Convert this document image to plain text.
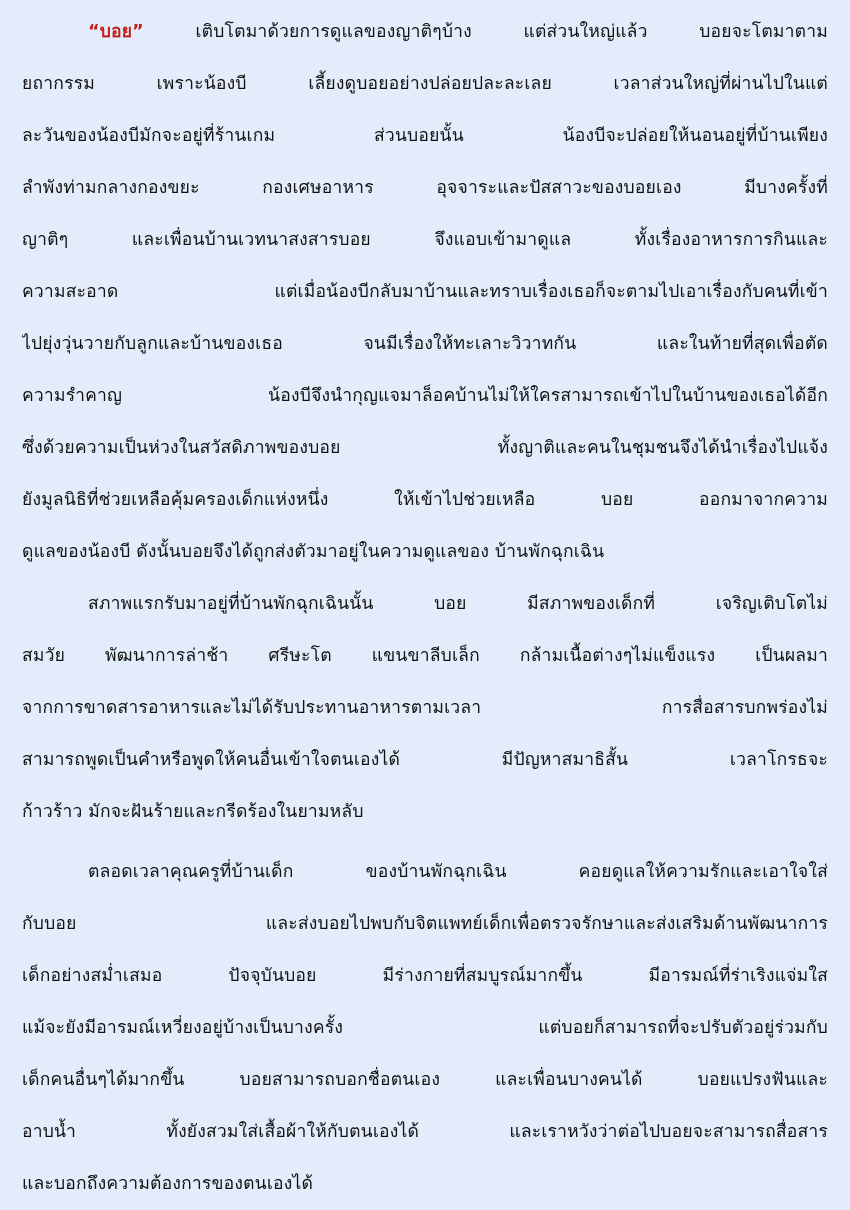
“บอย” เติบโตมาด้วยการดูแลของญาติๆบ้าง แต่ส่วนใหญ่แล้ว บอยจะโตมาตาม
ยถากรรม เพราะน้องบี เลี้ยงดูบอยอย่างปล่อยปละละเลย เวลาส่วนใหญ่ที่ผ่านไปในแต่
ละวันของน้องบีมักจะอยู่ที่ร้านเกม ส่วนบอยนั้น น้องบีจะปล่อยให้นอนอยู่ที่บ้านเพียง
ลำพังท่ามกลางกองขยะ กองเศษอาหาร อุจจาระและปัสสาวะของบอยเอง มีบางครั้งที่
ญาติๆ และเพื่อนบ้านเวทนาสงสารบอย จึงแอบเข้ามาดูแล ทั้งเรื่องอาหารการกินและ
ความสะอาด แต่เมื่อน้องบีกลับมาบ้านและทราบเรื่องเธอก็จะตามไปเอาเรื่องกับคนที่เข้า
ไปยุ่งวุ่นวายกับลูกและบ้านของเธอ จนมีเรื่องให้ทะเลาะวิวาทกัน และในท้ายที่สุดเพื่อตัด
ความรำคาญ น้องบีจึงนำกุญแจมาล็อคบ้านไม่ให้ใครสามารถเข้าไปในบ้านของเธอได้อีก
ซึ่งด้วยความเป็นห่วงในสวัสดิภาพของบอย ทั้งญาติและคนในชุมชนจึงได้นำเรื่องไปแจ้ง
ยังมูลนิธิที่ช่วยเหลือคุ้มครองเด็กแห่งหนึ่ง ให้เข้าไปช่วยเหลือ บอย ออกมาจากความ
ดูแลของน้องบี ดังนั้นบอยจึงได้ถูกส่งตัวมาอยู่ในความดูแลของ บ้านพักฉุกเฉิน
สภาพแรกรับมาอยู่ที่บ้านพักฉุกเฉินนั้น บอย มีสภาพของเด็กที่ เจริญเติบโตไม่
สมวัย พัฒนาการล่าช้า ศรีษะโต แขนขาลีบเล็ก กล้ามเนื้อต่างๆไม่แข็งแรง เป็นผลมา
จากการขาดสารอาหารและไม่ได้รับประทานอาหารตามเวลา การสื่อสารบกพร่องไม่
สามารถพูดเป็นคำหรือพูดให้คนอื่นเข้าใจตนเองได้ มีปัญหาสมาธิสั้น เวลาโกรธจะ
ก้าวร้าว มักจะฝันร้ายและกรีดร้องในยามหลับ
ตลอดเวลาคุณครูที่บ้านเด็ก ของบ้านพักฉุกเฉิน คอยดูแลให้ความรักและเอาใจใส่
กับบอย และส่งบอยไปพบกับจิตแพทย์เด็กเพื่อตรวจรักษาและส่งเสริมด้านพัฒนาการ
เด็กอย่างสม่ำเสมอ ปัจจุบันบอย มีร่างกายที่สมบูรณ์มากขึ้น มีอารมณ์ที่ร่าเริงแจ่มใส
แม้จะยังมีอารมณ์เหวี่ยงอยู่บ้างเป็นบางครั้ง แต่บอยก็สามารถที่จะปรับตัวอยู่ร่วมกับ
เด็กคนอื่นๆได้มากขึ้น บอยสามารถบอกชื่อตนเอง และเพื่อนบางคนได้ บอยแปรงฟันและ
อาบน้ำ ทั้งยังสวมใส่เสื้อผ้าให้กับตนเองได้ และเราหวังว่าต่อไปบอยจะสามารถสื่อสาร
และบอกถึงความต้องการของตนเองได้
